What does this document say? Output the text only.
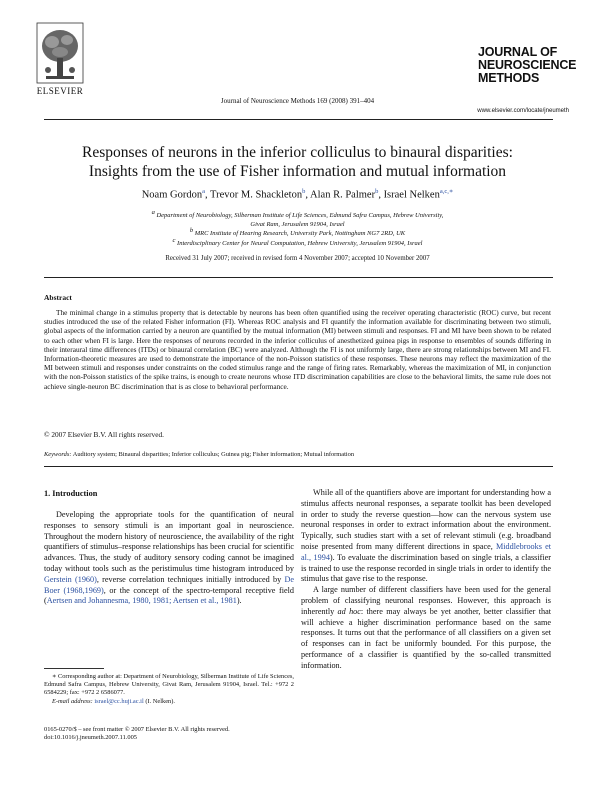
ELSEVIER
Journal of Neuroscience Methods 169 (2008) 391–404
JOURNAL OF
NEUROSCIENCE
METHODS
www.elsevier.com/locate/jneumeth
Responses of neurons in the inferior colliculus to binaural disparities:
Insights from the use of Fisher information and mutual information
Noam Gordon$^a$, Trevor M. Shackleton$^b$, Alan R. Palmer$^b$, Israel Nelken$^{a,c,∗}$
$^a$ Department of Neurobiology, Silberman Institute of Life Sciences, Edmund Safra Campus, Hebrew University,
Givat Ram, Jerusalem 91904, Israel
$^b$ MRC Institute of Hearing Research, University Park, Nottingham NG7 2RD, UK
$^c$ Interdisciplinary Center for Neural Computation, Hebrew University, Jerusalem 91904, Israel
Received 31 July 2007; received in revised form 4 November 2007; accepted 10 November 2007
Abstract
The minimal change in a stimulus property that is detectable by neurons has been often quantified using the receiver operating characteristic (ROC) curve, but recent studies introduced the use of the related Fisher information (FI). Whereas ROC analysis and FI quantify the information available for discriminating between two stimuli, global aspects of the information carried by a neuron are quantified by the mutual information (MI) between stimuli and responses. FI and MI have been shown to be related to each other when FI is large. Here the responses of neurons recorded in the inferior colliculus of anesthetized guinea pigs in response to ensembles of sounds differing in their interaural time differences (ITDs) or binaural correlation (BC) were analyzed. Although the FI is not uniformly large, there are strong relationships between MI and FI. Information-theoretic measures are used to demonstrate the importance of the non-Poisson statistics of these responses. These neurons may reflect the maximization of the MI between stimuli and responses under constraints on the coded stimulus range and the range of firing rates. Remarkably, whereas the maximization of MI, in conjunction with the non-Poisson statistics of the spike trains, is enough to create neurons whose ITD discrimination capabilities are close to the behavioral limits, the same rule does not achieve single-neuron BC discrimination that is as close to behavioral performance.
© 2007 Elsevier B.V. All rights reserved.
Keywords: Auditory system; Binaural disparities; Inferior colliculus; Guinea pig; Fisher information; Mutual information
1. Introduction

Developing the appropriate tools for the quantification of neural responses to sensory stimuli is an important goal in neuroscience. Throughout the modern history of neuroscience, the availability of the right quantifiers of stimulus–response relationships has been crucial for scientific advances. Thus, the study of auditory sensory coding cannot be imagined today without tools such as the peristimulus time histogram introduced by Gerstein (1960), reverse correlation techniques initially introduced by De Boer (1968,1969), or the concept of the spectro-temporal receptive field (Aertsen and Johannesma, 1980, 1981; Aertsen et al., 1981).

While all of the quantifiers above are important for understanding how a stimulus affects neuronal responses, a separate toolkit has been developed in order to study the reverse question—how can the nervous system use neuronal responses in order to extract information about the environment. Typically, such studies start with a set of relevant stimuli (e.g. broadband noise presented from many different directions in space, Middlebrooks et al., 1994). To evaluate the discrimination based on single trials, a classifier is trained to use the response recorded in single trials in order to identify the stimulus that gave rise to the response.

A large number of different classifiers have been used for the general problem of classifying neuronal responses. However, this approach is inherently ad hoc: there may always be yet another, better classifier that will achieve a higher discrimination performance based on the same responses. It turns out that the performance of all classifiers on a given set of responses can in fact be uniformly bounded. For this purpose, the performance of a classifier is quantified by the so-called transmitted information.

∗ Corresponding author at: Department of Neurobiology, Silberman Institute of Life Sciences, Edmund Safra Campus, Hebrew University, Givat Ram, Jerusalem 91904, Israel. Tel.: +972 2 6584229; fax: +972 2 6586077.

E-mail address: israel@cc.huji.ac.il (I. Nelken).

0165-0270/$ – see front matter © 2007 Elsevier B.V. All rights reserved.
doi:10.1016/j.jneumeth.2007.11.005
